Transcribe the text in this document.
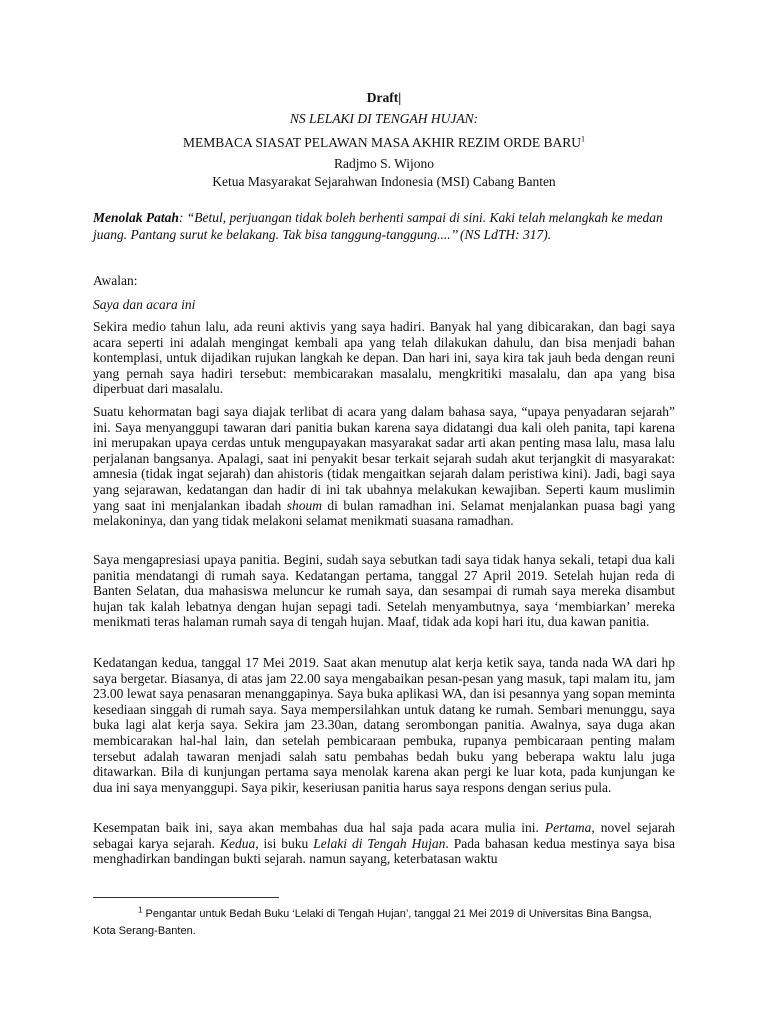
Draft|
NS LELAKI DI TENGAH HUJAN:
MEMBACA SIASAT PELAWAN MASA AKHIR REZIM ORDE BARU$^1$
Radjmo S. Wijono
Ketua Masyarakat Sejarahwan Indonesia (MSI) Cabang Banten
Menolak Patah: “Betul, perjuangan tidak boleh berhenti sampai di sini. Kaki telah melangkah ke medan juang. Pantang surut ke belakang. Tak bisa tanggung-tanggung....’’ (NS LdTH: 317).
Awalan:
Saya dan acara ini

Sekira medio tahun lalu, ada reuni aktivis yang saya hadiri. Banyak hal yang dibicarakan, dan bagi saya acara seperti ini adalah mengingat kembali apa yang telah dilakukan dahulu, dan bisa menjadi bahan kontemplasi, untuk dijadikan rujukan langkah ke depan. Dan hari ini, saya kira tak jauh beda dengan reuni yang pernah saya hadiri tersebut: membicarakan masalalu, mengkritiki masalalu, dan apa yang bisa diperbuat dari masalalu.

Suatu kehormatan bagi saya diajak terlibat di acara yang dalam bahasa saya, “upaya penyadaran sejarah” ini. Saya menyanggupi tawaran dari panitia bukan karena saya didatangi dua kali oleh panita, tapi karena ini merupakan upaya cerdas untuk mengupayakan masyarakat sadar arti akan penting masa lalu, masa lalu perjalanan bangsanya. Apalagi, saat ini penyakit besar terkait sejarah sudah akut terjangkit di masyarakat: amnesia (tidak ingat sejarah) dan ahistoris (tidak mengaitkan sejarah dalam peristiwa kini). Jadi, bagi saya yang sejarawan, kedatangan dan hadir di ini tak ubahnya melakukan kewajiban. Seperti kaum muslimin yang saat ini menjalankan ibadah shoum di bulan ramadhan ini. Selamat menjalankan puasa bagi yang melakoninya, dan yang tidak melakoni selamat menikmati suasana ramadhan.

Saya mengapresiasi upaya panitia. Begini, sudah saya sebutkan tadi saya tidak hanya sekali, tetapi dua kali panitia mendatangi di rumah saya. Kedatangan pertama, tanggal 27 April 2019. Setelah hujan reda di Banten Selatan, dua mahasiswa meluncur ke rumah saya, dan sesampai di rumah saya mereka disambut hujan tak kalah lebatnya dengan hujan sepagi tadi. Setelah menyambutnya, saya ‘membiarkan’ mereka menikmati teras halaman rumah saya di tengah hujan. Maaf, tidak ada kopi hari itu, dua kawan panitia.

Kedatangan kedua, tanggal 17 Mei 2019. Saat akan menutup alat kerja ketik saya, tanda nada WA dari hp saya bergetar. Biasanya, di atas jam 22.00 saya mengabaikan pesan-pesan yang masuk, tapi malam itu, jam 23.00 lewat saya penasaran menanggapinya. Saya buka aplikasi WA, dan isi pesannya yang sopan meminta kesediaan singgah di rumah saya. Saya mempersilahkan untuk datang ke rumah. Sembari menunggu, saya buka lagi alat kerja saya. Sekira jam 23.30an, datang serombongan panitia. Awalnya, saya duga akan membicarakan hal-hal lain, dan setelah pembicaraan pembuka, rupanya pembicaraan penting malam tersebut adalah tawaran menjadi salah satu pembahas bedah buku yang beberapa waktu lalu juga ditawarkan. Bila di kunjungan pertama saya menolak karena akan pergi ke luar kota, pada kunjungan ke dua ini saya menyanggupi. Saya pikir, keseriusan panitia harus saya respons dengan serius pula.

Kesempatan baik ini, saya akan membahas dua hal saja pada acara mulia ini. Pertama, novel sejarah sebagai karya sejarah. Kedua, isi buku Lelaki di Tengah Hujan. Pada bahasan kedua mestinya saya bisa menghadirkan bandingan bukti sejarah. namun sayang, keterbatasan waktu

$^1$ Pengantar untuk Bedah Buku ‘Lelaki di Tengah Hujan’, tanggal 21 Mei 2019 di Universitas Bina Bangsa, Kota Serang-Banten.
